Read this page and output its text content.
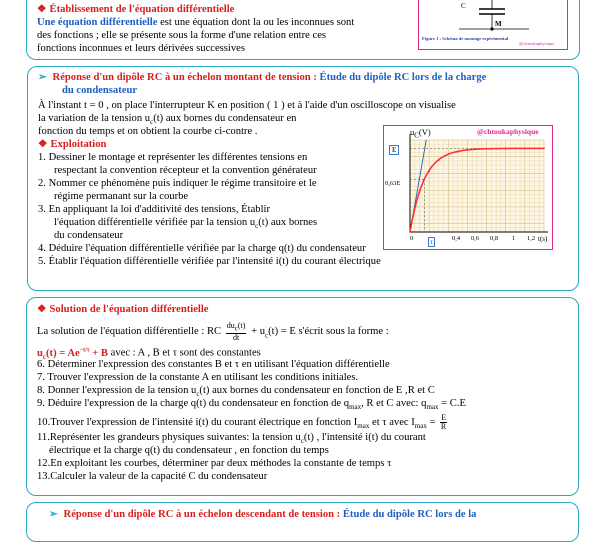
❖ Établissement de l'équation différentielle
Une équation différentielle est une équation dont la ou les inconnues sont
des fonctions ; elle se présente sous la forme d'une relation entre ces
fonctions inconnues et leurs dérivées successives
C
M
Figure 1 : Schéma de montage expérimental
@chtoukaphysique
➢ Réponse d'un dipôle RC à un échelon montant de tension : Étude du dipôle RC lors de la charge
du condensateur
À l'instant t = 0 , on place l'interrupteur K en position ( 1 ) et à l'aide d'un oscilloscope on visualise
la variation de la tension $u_c(t)$ aux bornes du condensateur en
fonction du temps et on obtient la courbe ci-contre .
❖ Exploitation
1. Dessiner le montage et représenter les différentes tensions en
respectant la convention récepteur et la convention générateur
2. Nommer ce phénomène puis indiquer le régime transitoire et le
régime permanant sur la courbe
3. En appliquant la loi d'additivité des tensions, Établir
l'équation différentielle vérifiée par la tension $u_c(t)$ aux bornes
du condensateur
4. Déduire l'équation différentielle vérifiée par la charge q(t) du condensateur
5. Établir l'équation différentielle vérifiée par l'intensité i(t) du courant électrique
$u_C(V)$	@chtoukaphysique
E
0,63E
τ
0	0,4 0,6 0,8 1 1,2 t(s)
❖ Solution de l'équation différentielle
La solution de l'équation différentielle : RC $\frac{du_c(t)}{dt} + u_c(t) = E$ s'écrit sous la forme :
$u_c(t) = Ae^{-t/\tau} + B$ avec : A , B et τ sont des constantes
6. Déterminer l'expression des constantes B et τ en utilisant l'équation différentielle
7. Trouver l'expression de la constante A en utilisant les conditions initiales.
8. Donner l'expression de la tension $u_c(t)$ aux bornes du condensateur en fonction de E ,R et C
9. Déduire l'expression de la charge q(t) du condensateur en fonction de $q_{max}$, R et C avec: $q_{max} = C.E$
10.Trouver l'expression de l'intensité i(t) du courant électrique en fonction $I_{max}$ et τ avec $I_{max} = \frac{E}{R}$
11.Représenter les grandeurs physiques suivantes: la tension $u_c(t)$ , l'intensité i(t) du courant
électrique et la charge q(t) du condensateur , en fonction du temps
12.En exploitant les courbes, déterminer par deux méthodes la constante de temps τ
13.Calculer la valeur de la capacité C du condensateur
➢ Réponse d'un dipôle RC à un échelon descendant de tension : Étude du dipôle RC lors de la
